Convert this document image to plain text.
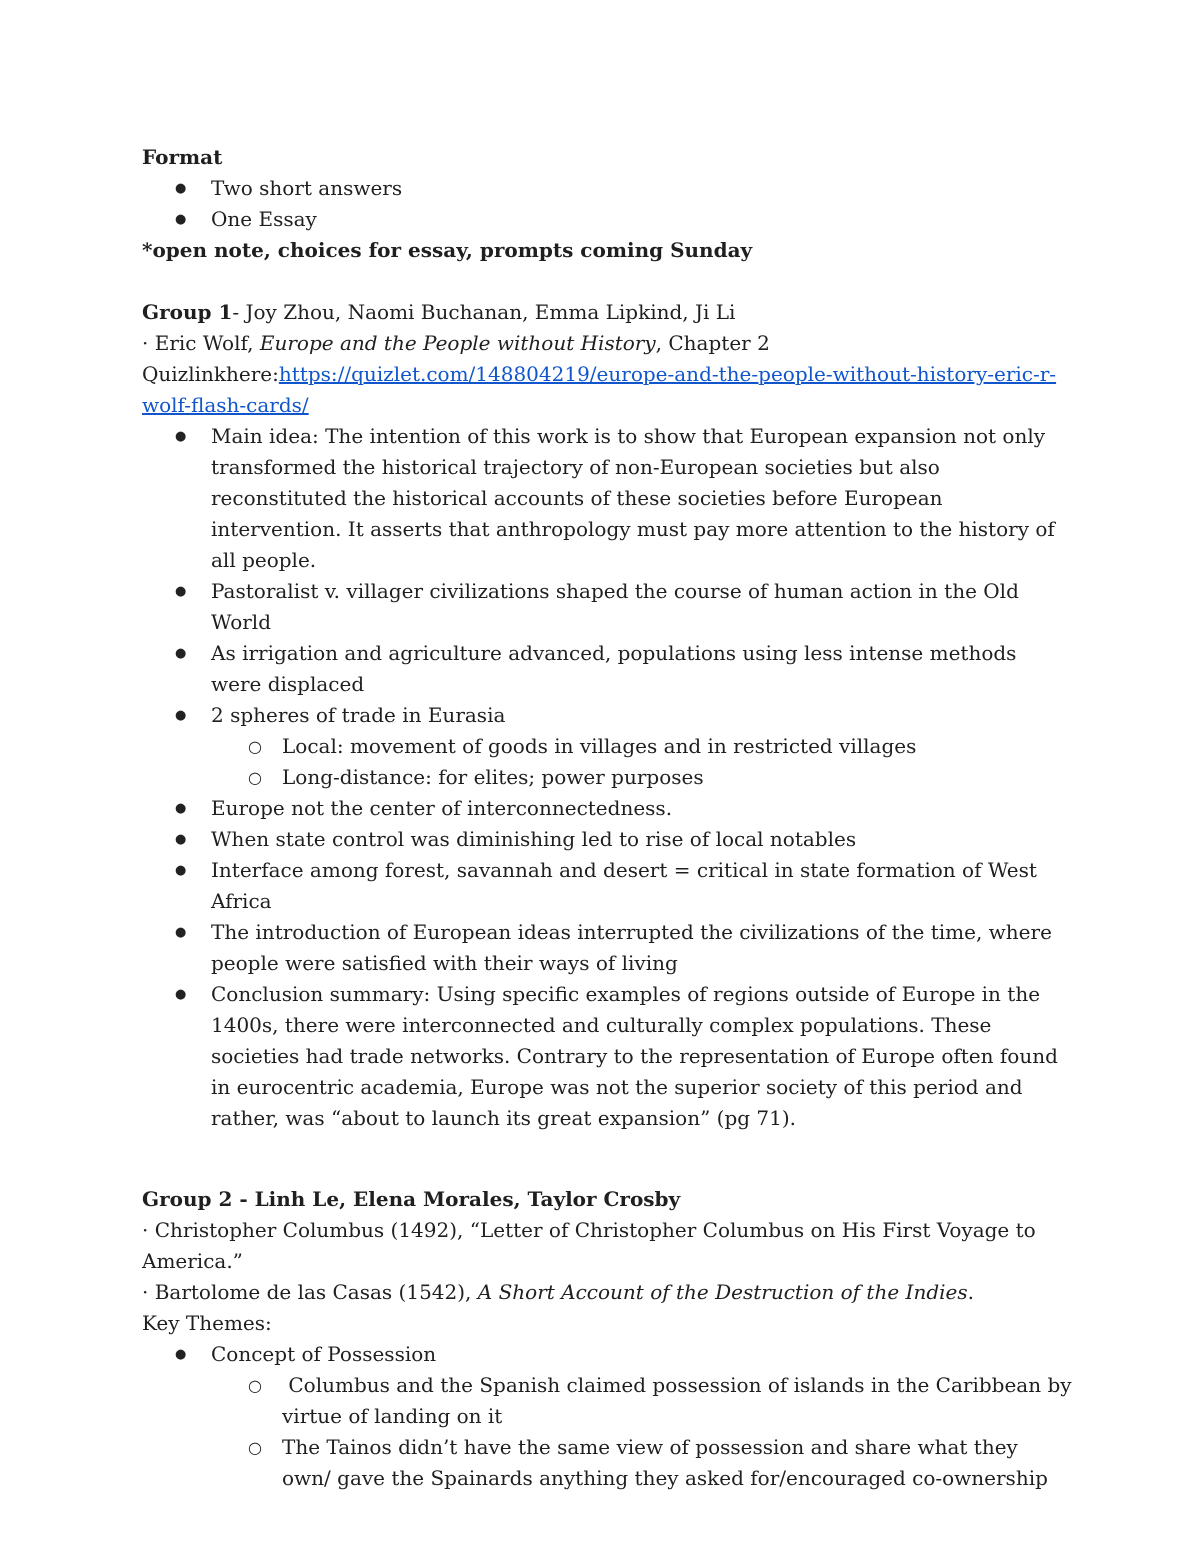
Format

● Two short answers
● One Essay

*open note, choices for essay, prompts coming Sunday

Group 1- Joy Zhou, Naomi Buchanan, Emma Lipkind, Ji Li

· Eric Wolf, Europe and the People without History, Chapter 2

Quizlinkhere:https://quizlet.com/148804219/europe-and-the-people-without-history-eric-r-wolf-flash-cards/

● Main idea: The intention of this work is to show that European expansion not only transformed the historical trajectory of non-European societies but also reconstituted the historical accounts of these societies before European intervention. It asserts that anthropology must pay more attention to the history of all people.
● Pastoralist v. villager civilizations shaped the course of human action in the Old World
● As irrigation and agriculture advanced, populations using less intense methods were displaced
● 2 spheres of trade in Eurasia
○ Local: movement of goods in villages and in restricted villages
○ Long-distance: for elites; power purposes
● Europe not the center of interconnectedness.
● When state control was diminishing led to rise of local notables
● Interface among forest, savannah and desert = critical in state formation of West Africa
● The introduction of European ideas interrupted the civilizations of the time, where people were satisfied with their ways of living
● Conclusion summary: Using specific examples of regions outside of Europe in the 1400s, there were interconnected and culturally complex populations. These societies had trade networks. Contrary to the representation of Europe often found in eurocentric academia, Europe was not the superior society of this period and rather, was “about to launch its great expansion” (pg 71).

Group 2 - Linh Le, Elena Morales, Taylor Crosby

· Christopher Columbus (1492), “Letter of Christopher Columbus on His First Voyage to America.”

· Bartolome de las Casas (1542), A Short Account of the Destruction of the Indies.

Key Themes:

● Concept of Possession
○  Columbus and the Spanish claimed possession of islands in the Caribbean by virtue of landing on it
○ The Tainos didn’t have the same view of possession and share what they own/ gave the Spainards anything they asked for/encouraged co-ownership
